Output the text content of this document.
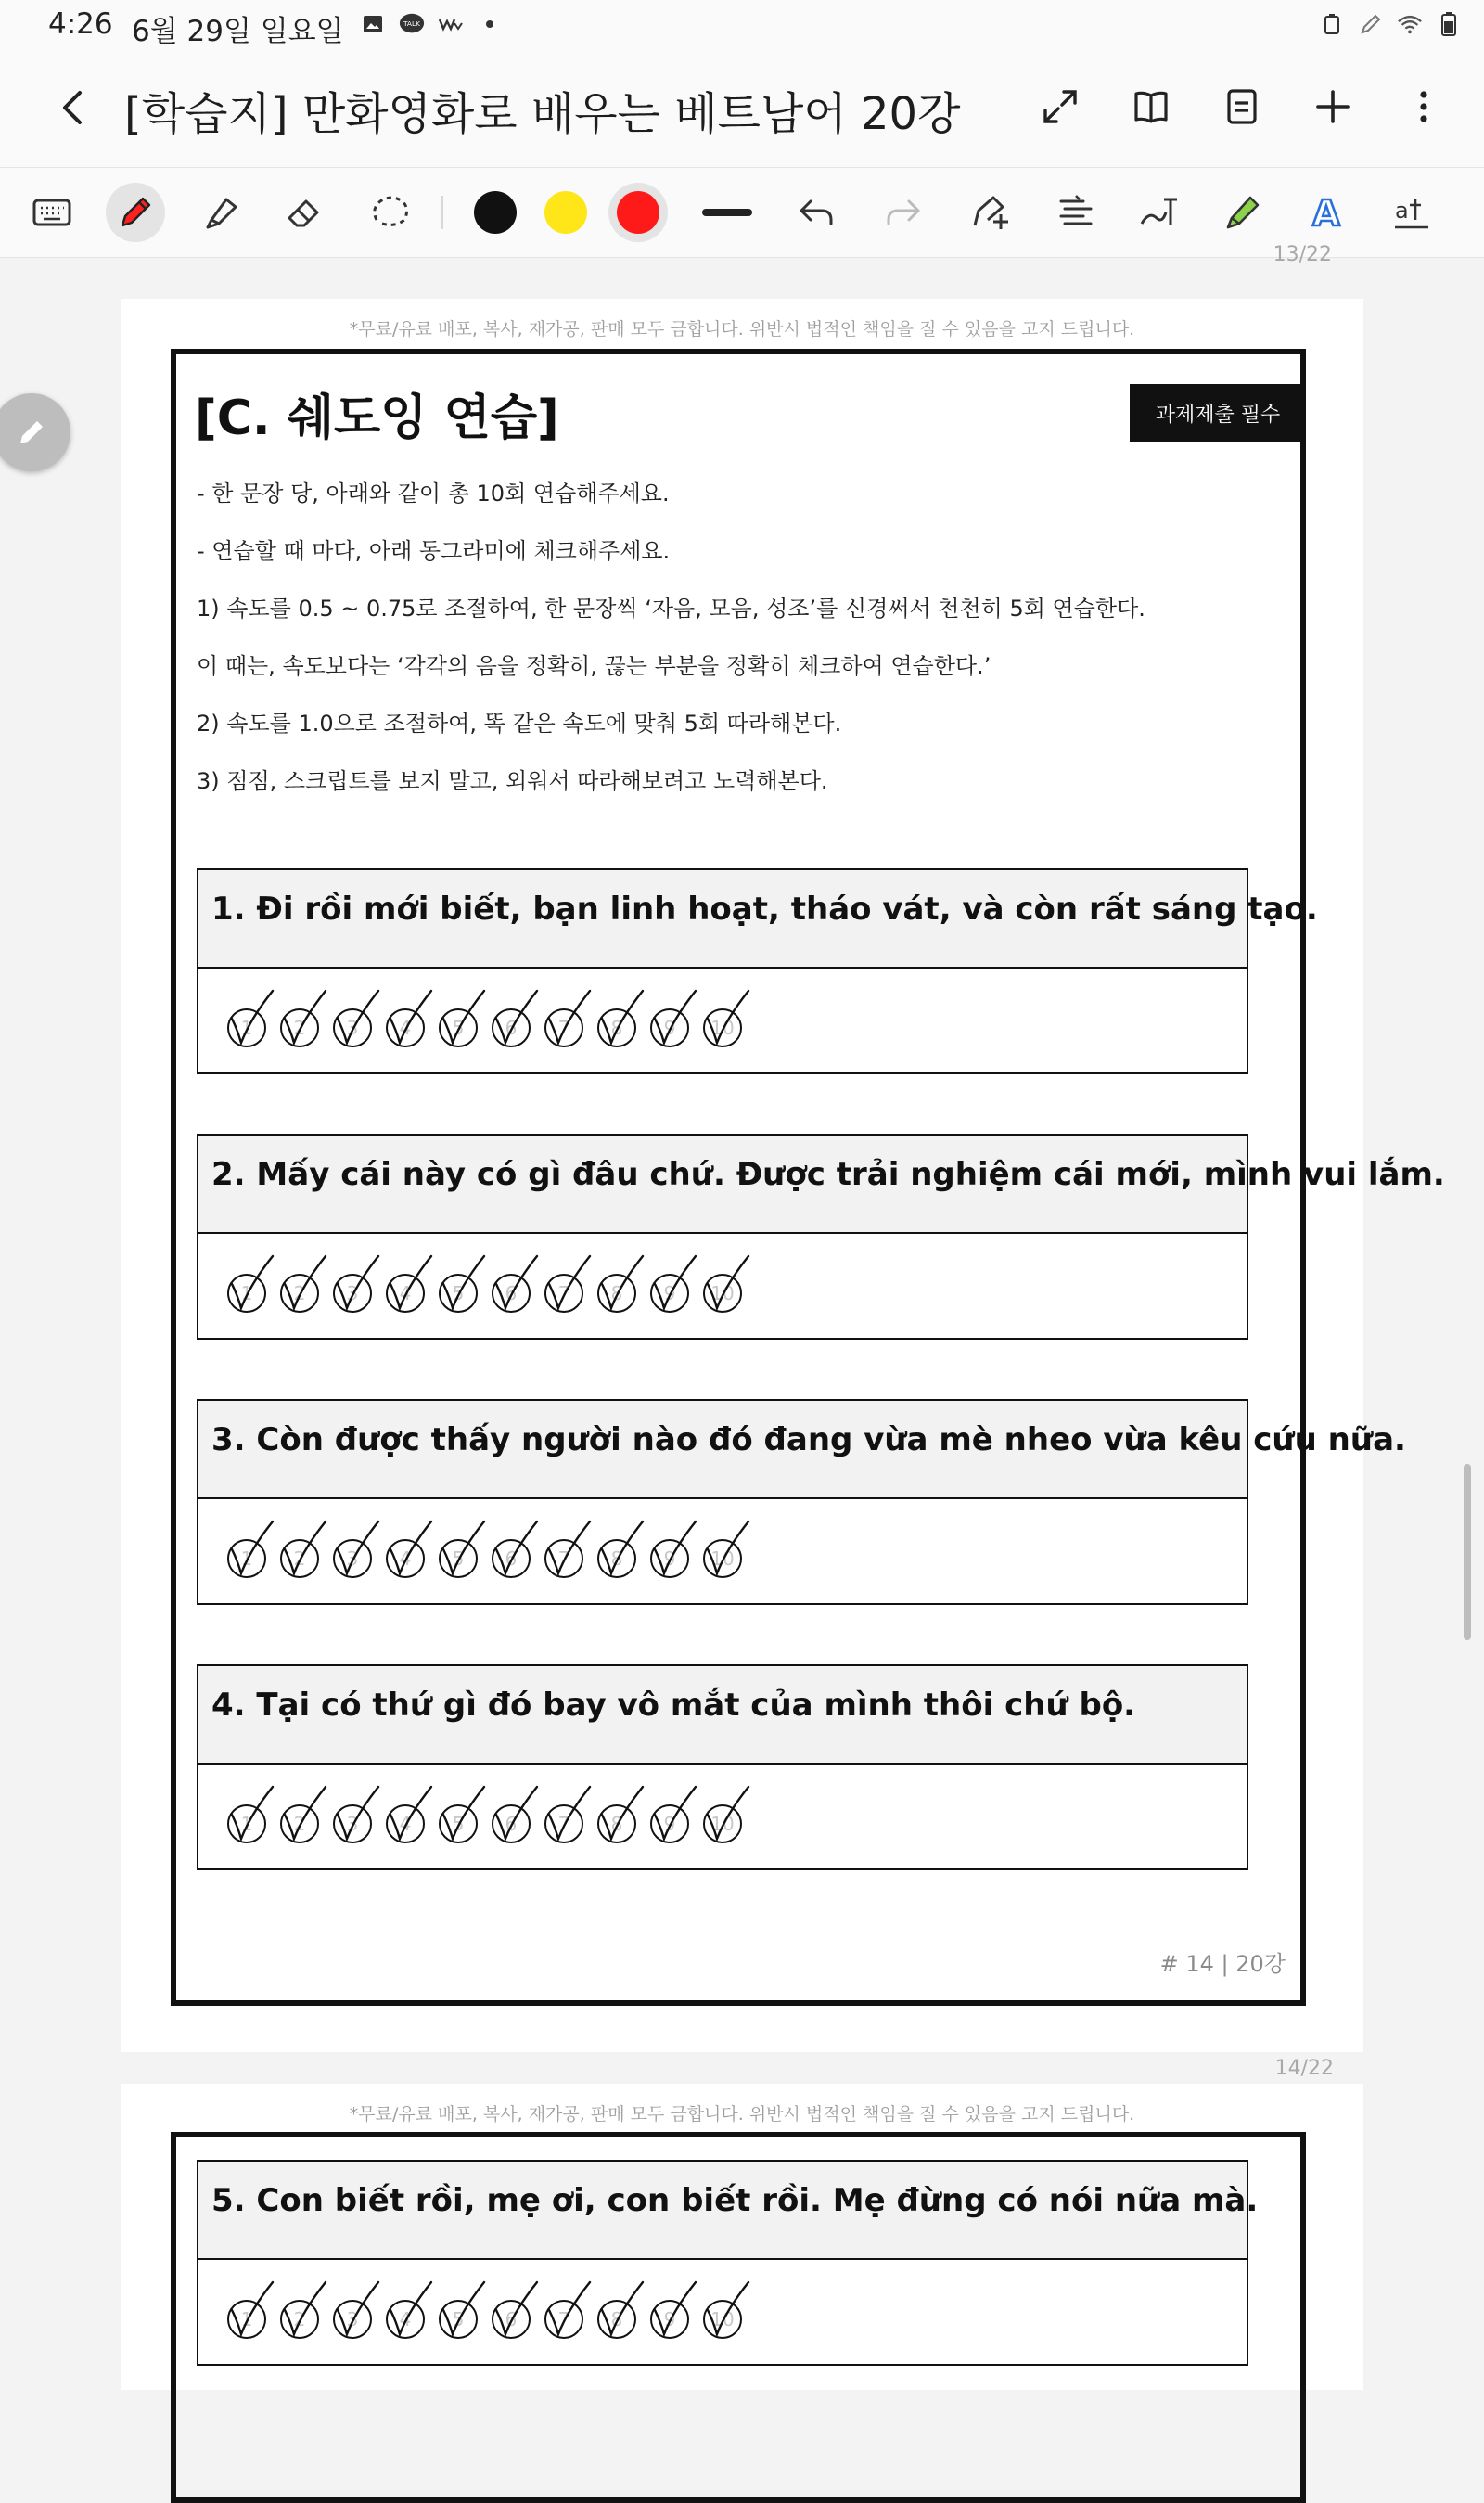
4:26 6월 29일 일요일	TALK
[학습지] 만화영화로 배우는 베트남어 20강
A a
13/22
*무료/유료 배포, 복사, 재가공, 판매 모두 금합니다. 위반시 법적인 책임을 질 수 있음을 고지 드립니다.
[C. 쉐도잉 연습]	과제제출 필수
- 한 문장 당, 아래와 같이 총 10회 연습해주세요.
- 연습할 때 마다, 아래 동그라미에 체크해주세요.
1) 속도를 0.5 ~ 0.75로 조절하여, 한 문장씩 ‘자음, 모음, 성조’를 신경써서 천천히 5회 연습한다.
이 때는, 속도보다는 ‘각각의 음을 정확히, 끊는 부분을 정확히 체크하여 연습한다.’
2) 속도를 1.0으로 조절하여, 똑 같은 속도에 맞춰 5회 따라해본다.
3) 점점, 스크립트를 보지 말고, 외워서 따라해보려고 노력해본다.
1. Đi rồi mới biết, bạn linh hoạt, tháo vát, và còn rất sáng tạo.
1 2 3 4 5 6 7 8 9 10
2. Mấy cái này có gì đâu chứ. Được trải nghiệm cái mới, mình vui lắm.
1 2 3 4 5 6 7 8 9 10
3. Còn được thấy người nào đó đang vừa mè nheo vừa kêu cứu nữa.
1 2 3 4 5 6 7 8 9 10
4. Tại có thứ gì đó bay vô mắt của mình thôi chứ bộ.
1 2 3 4 5 6 7 8 9 10
# 14 | 20강
14/22
*무료/유료 배포, 복사, 재가공, 판매 모두 금합니다. 위반시 법적인 책임을 질 수 있음을 고지 드립니다.
5. Con biết rồi, mẹ ơi, con biết rồi. Mẹ đừng có nói nữa mà.
1 2 3 4 5 6 7 8 9 10
